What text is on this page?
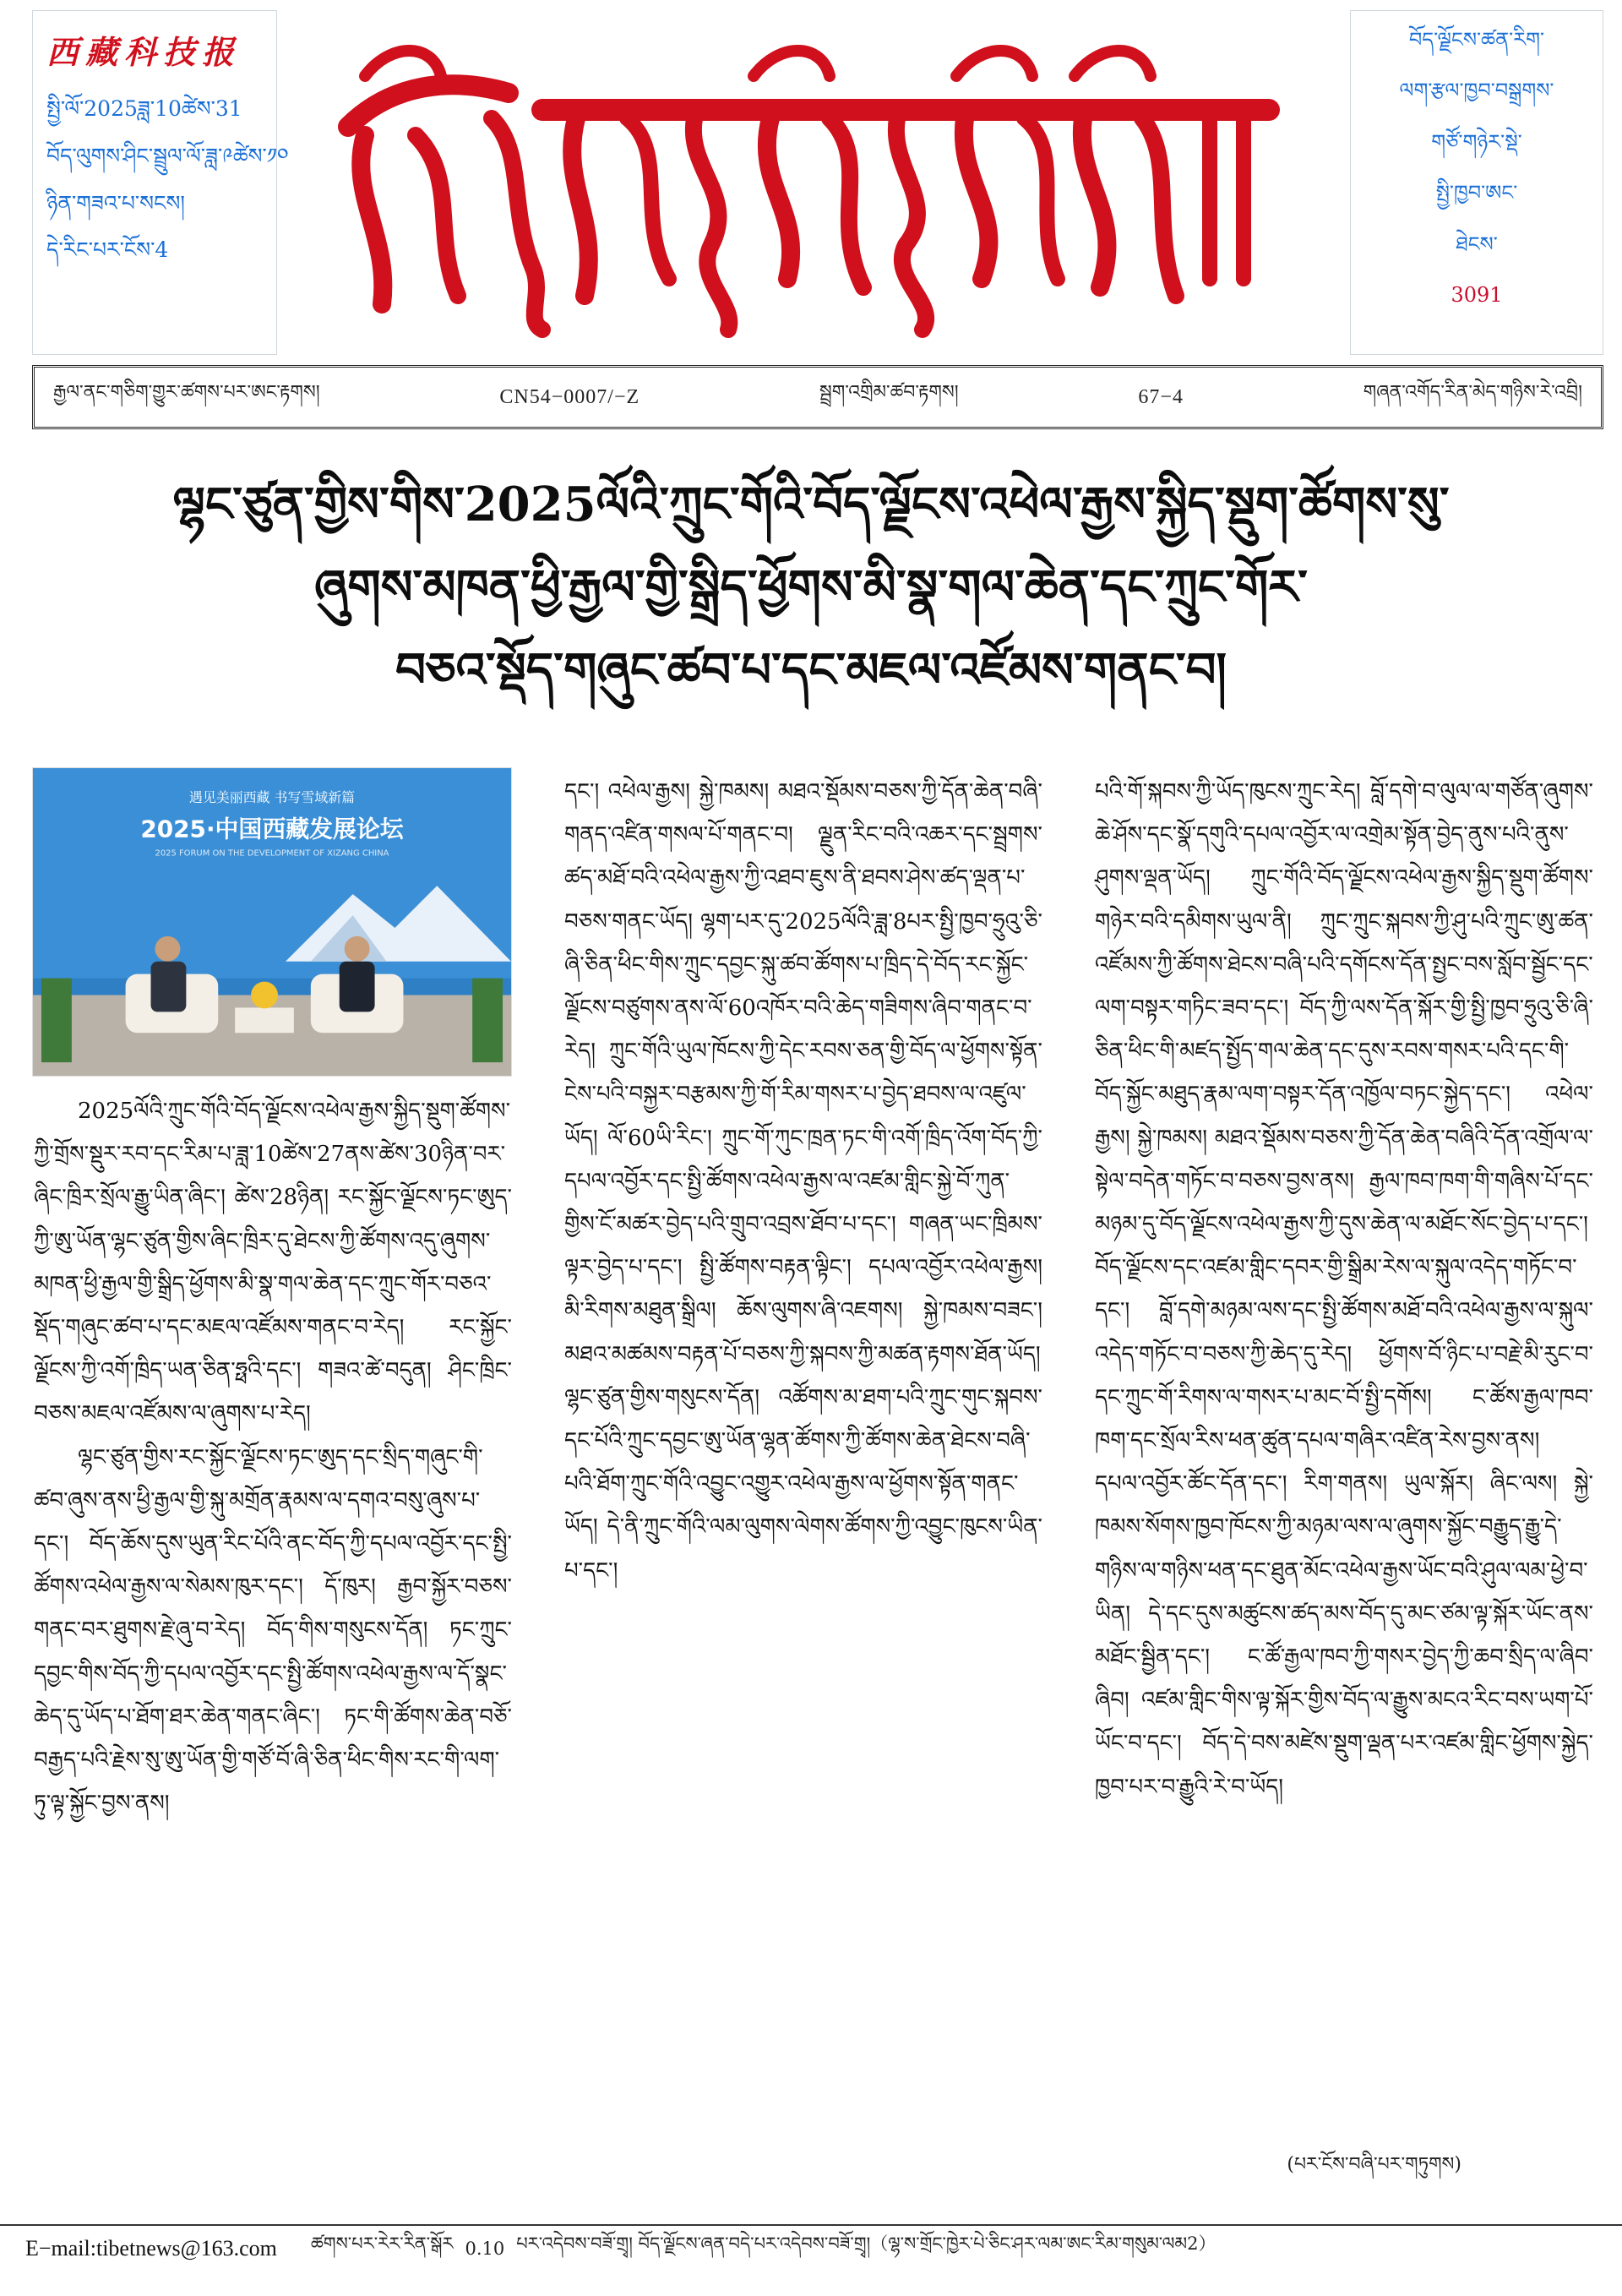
西藏科技报
སྤྱི་ལོ་2025ཟླ་10ཚེས་31
བོད་ལུགས་ཤིང་སྦྲུལ་ལོ་ཟླ་༩ཚེས་༡༠
ཉིན་གཟའ་པ་སངས།
དེ་རིང་པར་ངོས་4
བོད་ལྗོངས་ཚན་རིག་ཚགས་པར།
བོད་ལྗོངས་ཚན་རིག་
ལག་རྩལ་ཁྱབ་བསྒྲགས་
གཙོ་གཉེར་སྡེ་
སྤྱི་ཁྱབ་ཨང་
ཐེངས་
3091
རྒྱལ་ནང་གཅིག་གྱུར་ཚགས་པར་ཨང་རྟགས།	CN54−0007/−Z	སྦྲག་འགྲིམ་ཚབ་རྟགས།	67−4	གཞན་འགོད་རིན་མེད་གཉིས་རེ་འབྲི།
ལྷང་ཙུན་གྱིས་གིས་2025ལོའི་ཀྲུང་གོའི་བོད་ལྗོངས་འཕེལ་རྒྱས་སྐྱིད་སྡུག་ཚོགས་སུ་
ཞུགས་མཁན་ཕྱི་རྒྱལ་གྱི་སྒྲིད་ཕྱོགས་མི་སྣ་གལ་ཆེན་དང་ཀྲུང་གོར་
བཅའ་སྡོད་གཞུང་ཚབ་པ་དང་མཇལ་འཛོམས་གནང་བ།
遇见美丽西藏 书写雪域新篇
2025·中国西藏发展论坛
2025 FORUM ON THE DEVELOPMENT OF XIZANG CHINA

2025ལོའི་ཀྲུང་གོའི་བོད་ལྗོངས་འཕེལ་རྒྱས་སྐྱིད་སྡུག་ཚོགས་ཀྱི་གྲོས་སྡུར་རབ་དང་རིམ་པ་ཟླ་10ཚེས་27ནས་ཚེས་30ཉིན་བར་ཞིང་ཁྲིར་སྲོལ་རྒྱུ་ཡིན་ཞིང་། ཚེས་28ཉིན། རང་སྐྱོང་ལྗོངས་ཏང་ཨུད་ཀྱི་ཨུ་ཡོན་ལྷང་ཙུན་གྱིས་ཞིང་ཁྲིར་དུ་ཐེངས་ཀྱི་ཚོགས་འདུ་ཞུགས་མཁན་ཕྱི་རྒྱལ་གྱི་སྒྲིད་ཕྱོགས་མི་སྣ་གལ་ཆེན་དང་ཀྲུང་གོར་བཅའ་སྡོད་གཞུང་ཚབ་པ་དང་མཇལ་འཛོམས་གནང་བ་རེད། རང་སྐྱོང་ལྗོངས་ཀྱི་འགོ་ཁྲིད་ཡན་ཅིན་ཧྥའི་དང་། གཟའ་ཚེ་བདུན། ཤིང་ཁྲིང་བཅས་མཇལ་འཛོམས་ལ་ཞུགས་པ་རེད།

ལྷང་ཙུན་གྱིས་རང་སྐྱོང་ལྗོངས་ཏང་ཨུད་དང་སྲིད་གཞུང་གི་ཚབ་ཞུས་ནས་ཕྱི་རྒྱལ་གྱི་སྐུ་མགྲོན་རྣམས་ལ་དགའ་བསུ་ཞུས་པ་དང་། བོད་ཆོས་དུས་ཡུན་རིང་པོའི་ནང་བོད་ཀྱི་དཔལ་འབྱོར་དང་སྤྱི་ཚོགས་འཕེལ་རྒྱས་ལ་སེམས་ཁུར་དང་། དོ་ཁུར། རྒྱབ་སྐྱོར་བཅས་གནང་བར་ཐུགས་རྗེ་ཞུ་བ་རེད། བོད་གིས་གསུངས་དོན། ཏང་ཀྲུང་དབྱང་གིས་བོད་ཀྱི་དཔལ་འབྱོར་དང་སྤྱི་ཚོགས་འཕེལ་རྒྱས་ལ་དོ་སྣང་ཆེད་དུ་ཡོད་པ་ཐོག་ཐར་ཆེན་གནང་ཞིང་། ཏང་གི་ཚོགས་ཆེན་བཅོ་བརྒྱད་པའི་རྗེས་སུ་ཨུ་ཡོན་གྱི་གཙོ་བོ་ཞི་ཅིན་ཕིང་གིས་རང་གི་ལག་ཏུ་ལྟ་སྐྱོང་བྱས་ནས།

དང་། འཕེལ་རྒྱས། སྐྱེ་ཁམས། མཐའ་སྡོམས་བཅས་ཀྱི་དོན་ཆེན་བཞི་གནད་འཛིན་གསལ་པོ་གནང་བ། ལྗུན་རིང་བའི་འཆར་དང་སྦྲགས་ཚད་མཐོ་བའི་འཕེལ་རྒྱས་ཀྱི་འཐབ་ཇུས་ནི་ཐབས་ཤེས་ཚད་ལྡན་པ་བཅས་གནང་ཡོད། ལྷག་པར་དུ་2025ལོའི་ཟླ་8པར་སྤྱི་ཁྱབ་ཧྲུའུ་ཅི་ཞི་ཅིན་ཕིང་གིས་ཀྲུང་དབྱང་སྐུ་ཚབ་ཚོགས་པ་ཁྲིད་དེ་བོད་རང་སྐྱོང་ལྗོངས་བཙུགས་ནས་ལོ་60འཁོར་བའི་ཆེད་གཟིགས་ཞིབ་གནང་བ་རེད། ཀྲུང་གོའི་ཡུལ་ཁོངས་ཀྱི་དེང་རབས་ཅན་གྱི་བོད་ལ་ཕྱོགས་སྟོན་ངེས་པའི་བསྐྱར་བརྩམས་ཀྱི་གོ་རིམ་གསར་པ་བྱེད་ཐབས་ལ་འཛུལ་ཡོད། ལོ་60ཡི་རིང་། ཀྲུང་གོ་ཀུང་ཁྲན་ཏང་གི་འགོ་ཁྲིད་འོག་བོད་ཀྱི་དཔལ་འབྱོར་དང་སྤྱི་ཚོགས་འཕེལ་རྒྱས་ལ་འཛམ་གླིང་སྐྱེ་བོ་ཀུན་གྱིས་ངོ་མཚར་བྱེད་པའི་གྲུབ་འབྲས་ཐོབ་པ་དང་། གཞན་ཡང་ཁྲིམས་ལྟར་བྱེད་པ་དང་། སྤྱི་ཚོགས་བརྟན་ལྟིང་། དཔལ་འབྱོར་འཕེལ་རྒྱས། མི་རིགས་མཐུན་སྒྲིལ། ཆོས་ལུགས་ཞི་འཇགས། སྐྱེ་ཁམས་བཟང་། མཐའ་མཚམས་བརྟན་པོ་བཅས་ཀྱི་སྐབས་ཀྱི་མཚན་རྟགས་ཐོན་ཡོད། ལྷང་ཙུན་གྱིས་གསུངས་དོན། འཚོགས་མ་ཐག་པའི་ཀྲུང་གུང་སྐབས་དང་པོའི་ཀྲུང་དབྱང་ཨུ་ཡོན་ལྷན་ཚོགས་ཀྱི་ཚོགས་ཆེན་ཐེངས་བཞི་པའི་ཐོག་ཀྲུང་གོའི་འབྱུང་འགྱུར་འཕེལ་རྒྱས་ལ་ཕྱོགས་སྟོན་གནང་ཡོད། དེ་ནི་ཀྲུང་གོའི་ལམ་ལུགས་ལེགས་ཚོགས་ཀྱི་འབྱུང་ཁུངས་ཡིན་པ་དང་།

པའི་གོ་སྐབས་ཀྱི་ཡོད་ཁུངས་ཀྲུང་རེད། བློ་དགེ་བ་ལུལ་ལ་གཙོན་ཞུགས་ཆེ་ཤོས་དང་སྣོ་དགུའི་དཔལ་འབྱོར་ལ་འགྲེམ་སྟོན་བྱེད་ནུས་པའི་ནུས་ཤུགས་ལྡན་ཡོད། ཀྲུང་གོའི་བོད་ལྗོངས་འཕེལ་རྒྱས་སྐྱིད་སྡུག་ཚོགས་གཉེར་བའི་དམིགས་ཡུལ་ནི། ཀྲུང་ཀྲུང་སྐབས་ཀྱི་ཤུ་པའི་ཀྲུང་ཨུ་ཚན་འཛོམས་ཀྱི་ཚོགས་ཐེངས་བཞི་པའི་དགོངས་དོན་སྤྱང་བས་སློབ་སྦྱོང་དང་ལག་བསྟར་གཏིང་ཟབ་དང་། བོད་ཀྱི་ལས་དོན་སྐོར་གྱི་སྤྱི་ཁྱབ་ཧྲུའུ་ཅི་ཞི་ཅིན་ཕིང་གི་མཛད་སྤྱོད་གལ་ཆེན་དང་དུས་རབས་གསར་པའི་དང་གི་བོད་སྐྱོང་མཐུད་རྣམ་ལག་བསྟར་དོན་འཁྱོལ་བཏང་སྐྱེད་དང་། འཕེལ་རྒྱས། སྐྱེ་ཁམས། མཐའ་སྡོམས་བཅས་ཀྱི་དོན་ཆེན་བཞིའི་དོན་འགྲོལ་ལ་སྟེལ་བདེན་གཏོང་བ་བཅས་བྱས་ནས། རྒྱལ་ཁབ་ཁག་གི་གཞིས་པོ་དང་མཉམ་དུ་བོད་ལྗོངས་འཕེལ་རྒྱས་ཀྱི་དུས་ཆེན་ལ་མཐོང་སོང་བྱེད་པ་དང་། བོད་ལྗོངས་དང་འཛམ་གླིང་དབར་གྱི་སྒྲིམ་རེས་ལ་སྐུལ་འདེད་གཏོང་བ་དང་། བློ་དགེ་མཉམ་ལས་དང་སྤྱི་ཚོགས་མཐོ་བའི་འཕེལ་རྒྱས་ལ་སྐུལ་འདེད་གཏོང་བ་བཅས་ཀྱི་ཆེད་དུ་རེད། ཕྱོགས་བོ་ཉིང་པ་བརྗེ་མི་རུང་བ་དང་ཀྲུང་གོ་རིགས་ལ་གསར་པ་མང་བོ་སྤྱི་དགོས། ང་ཚོས་རྒྱལ་ཁབ་ཁག་དང་སྲོལ་རིས་ཕན་ཚུན་དཔལ་གཞིར་འཛིན་རེས་བྱས་ནས། དཔལ་འབྱོར་ཚོང་དོན་དང་། རིག་གནས། ཡུལ་སྐོར། ཞིང་ལས། སྐྱེ་ཁམས་སོགས་ཁྱབ་ཁོངས་ཀྱི་མཉམ་ལས་ལ་ཞུགས་སྐྱོང་བརྒྱུད་རྒྱུ་དེ་གཉིས་ལ་གཉིས་ཕན་དང་ཐུན་མོང་འཕེལ་རྒྱས་ཡོང་བའི་ཤུལ་ལམ་ཕྱེ་བ་ཡིན། དེ་དང་དུས་མཚུངས་ཚད་མས་བོད་དུ་མང་ཙམ་ལྟ་སྐོར་ཡོང་ནས་མཐོང་སྦྱིན་དང་། ང་ཚོ་རྒྱལ་ཁབ་ཀྱི་གསར་བྱེད་ཀྱི་ཆབ་སྲིད་ལ་ཞིབ་ཞིབ། འཛམ་གླིང་གིས་ལྟ་སྐོར་གྱིས་བོད་ལ་རྒྱུས་མངའ་རིང་བས་ཡག་པོ་ཡོང་བ་དང་། བོད་དེ་བས་མཛེས་སྡུག་ལྡན་པར་འཛམ་གླིང་ཕྱོགས་སྐྱེད་ཁྱབ་པར་བ་རྒྱུའི་རེ་བ་ཡོད།

(པར་ངོས་བཞི་པར་གཏུགས)
E−mail:tibetnews@163.com ཚགས་པར་རེར་རིན་སྒོར 0.10 པར་འདེབས་བཟོ་གྲྭ། བོད་ལྗོངས་ཞན་བདེ་པར་འདེབས་བཟོ་གྲྭ།（ལྷ་ས་གྲོང་ཁྱེར་པེ་ཅིང་ཤར་ལམ་ཨང་རིམ་གསུམ་ལམ2）
